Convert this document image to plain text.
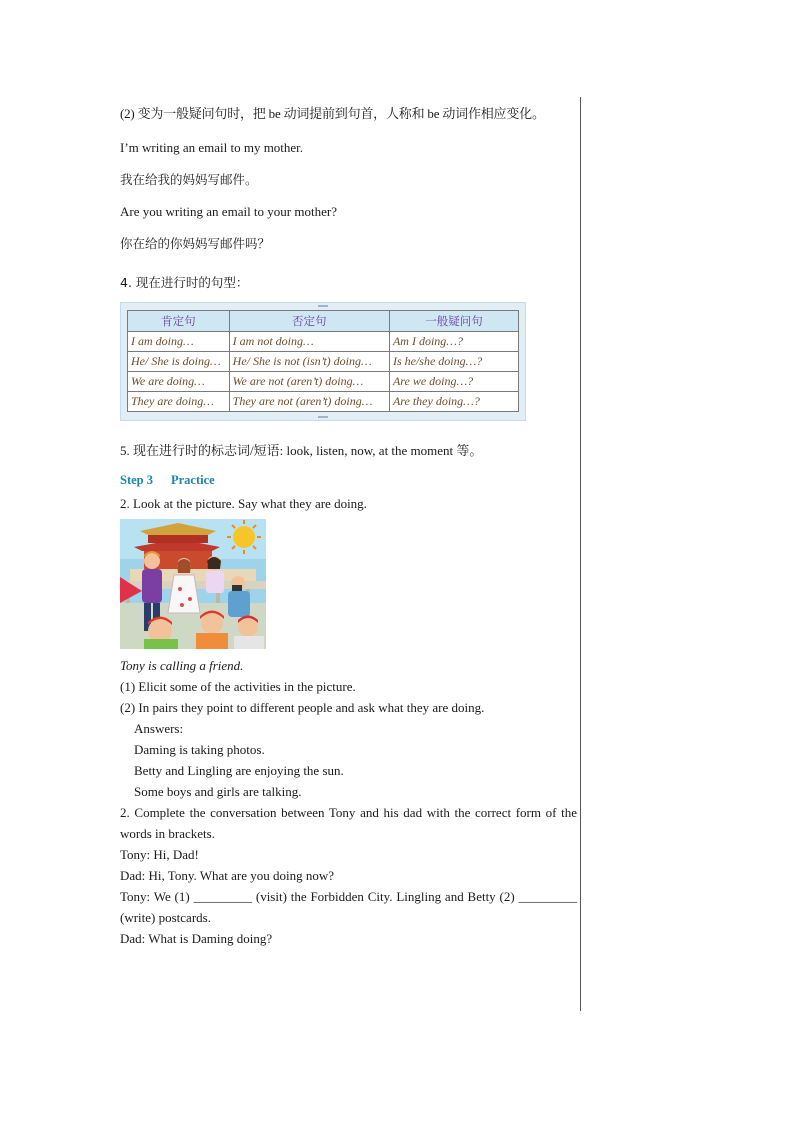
(2) 变为一般疑问句时，把 be 动词提前到句首，人称和 be 动词作相应变化。

I’m writing an email to my mother.

我在给我的妈妈写邮件。

Are you writing an email to your mother?

你在给的你妈妈写邮件吗？

4. 现在进行时的句型：

肯定句	否定句	一般疑问句
I am doing…	I am not doing…	Am I doing…?
He/ She is doing…	He/ She is not (isn’t) doing…	Is he/she doing…?
We are doing…	We are not (aren’t) doing…	Are we doing…?
They are doing…	They are not (aren’t) doing…	Are they doing…?

5. 现在进行时的标志词/短语: look, listen, now, at the moment 等。

Step 3 Practice

2. Look at the picture. Say what they are doing.

Tony is calling a friend.

(1) Elicit some of the activities in the picture.

(2) In pairs they point to different people and ask what they are doing.

Answers:

Daming is taking photos.

Betty and Lingling are enjoying the sun.

Some boys and girls are talking.

2. Complete the conversation between Tony and his dad with the correct form of the words in brackets.

Tony: Hi, Dad!

Dad: Hi, Tony. What are you doing now?

Tony: We (1) _________ (visit) the Forbidden City. Lingling and Betty (2) _________ (write) postcards.

Dad: What is Daming doing?
